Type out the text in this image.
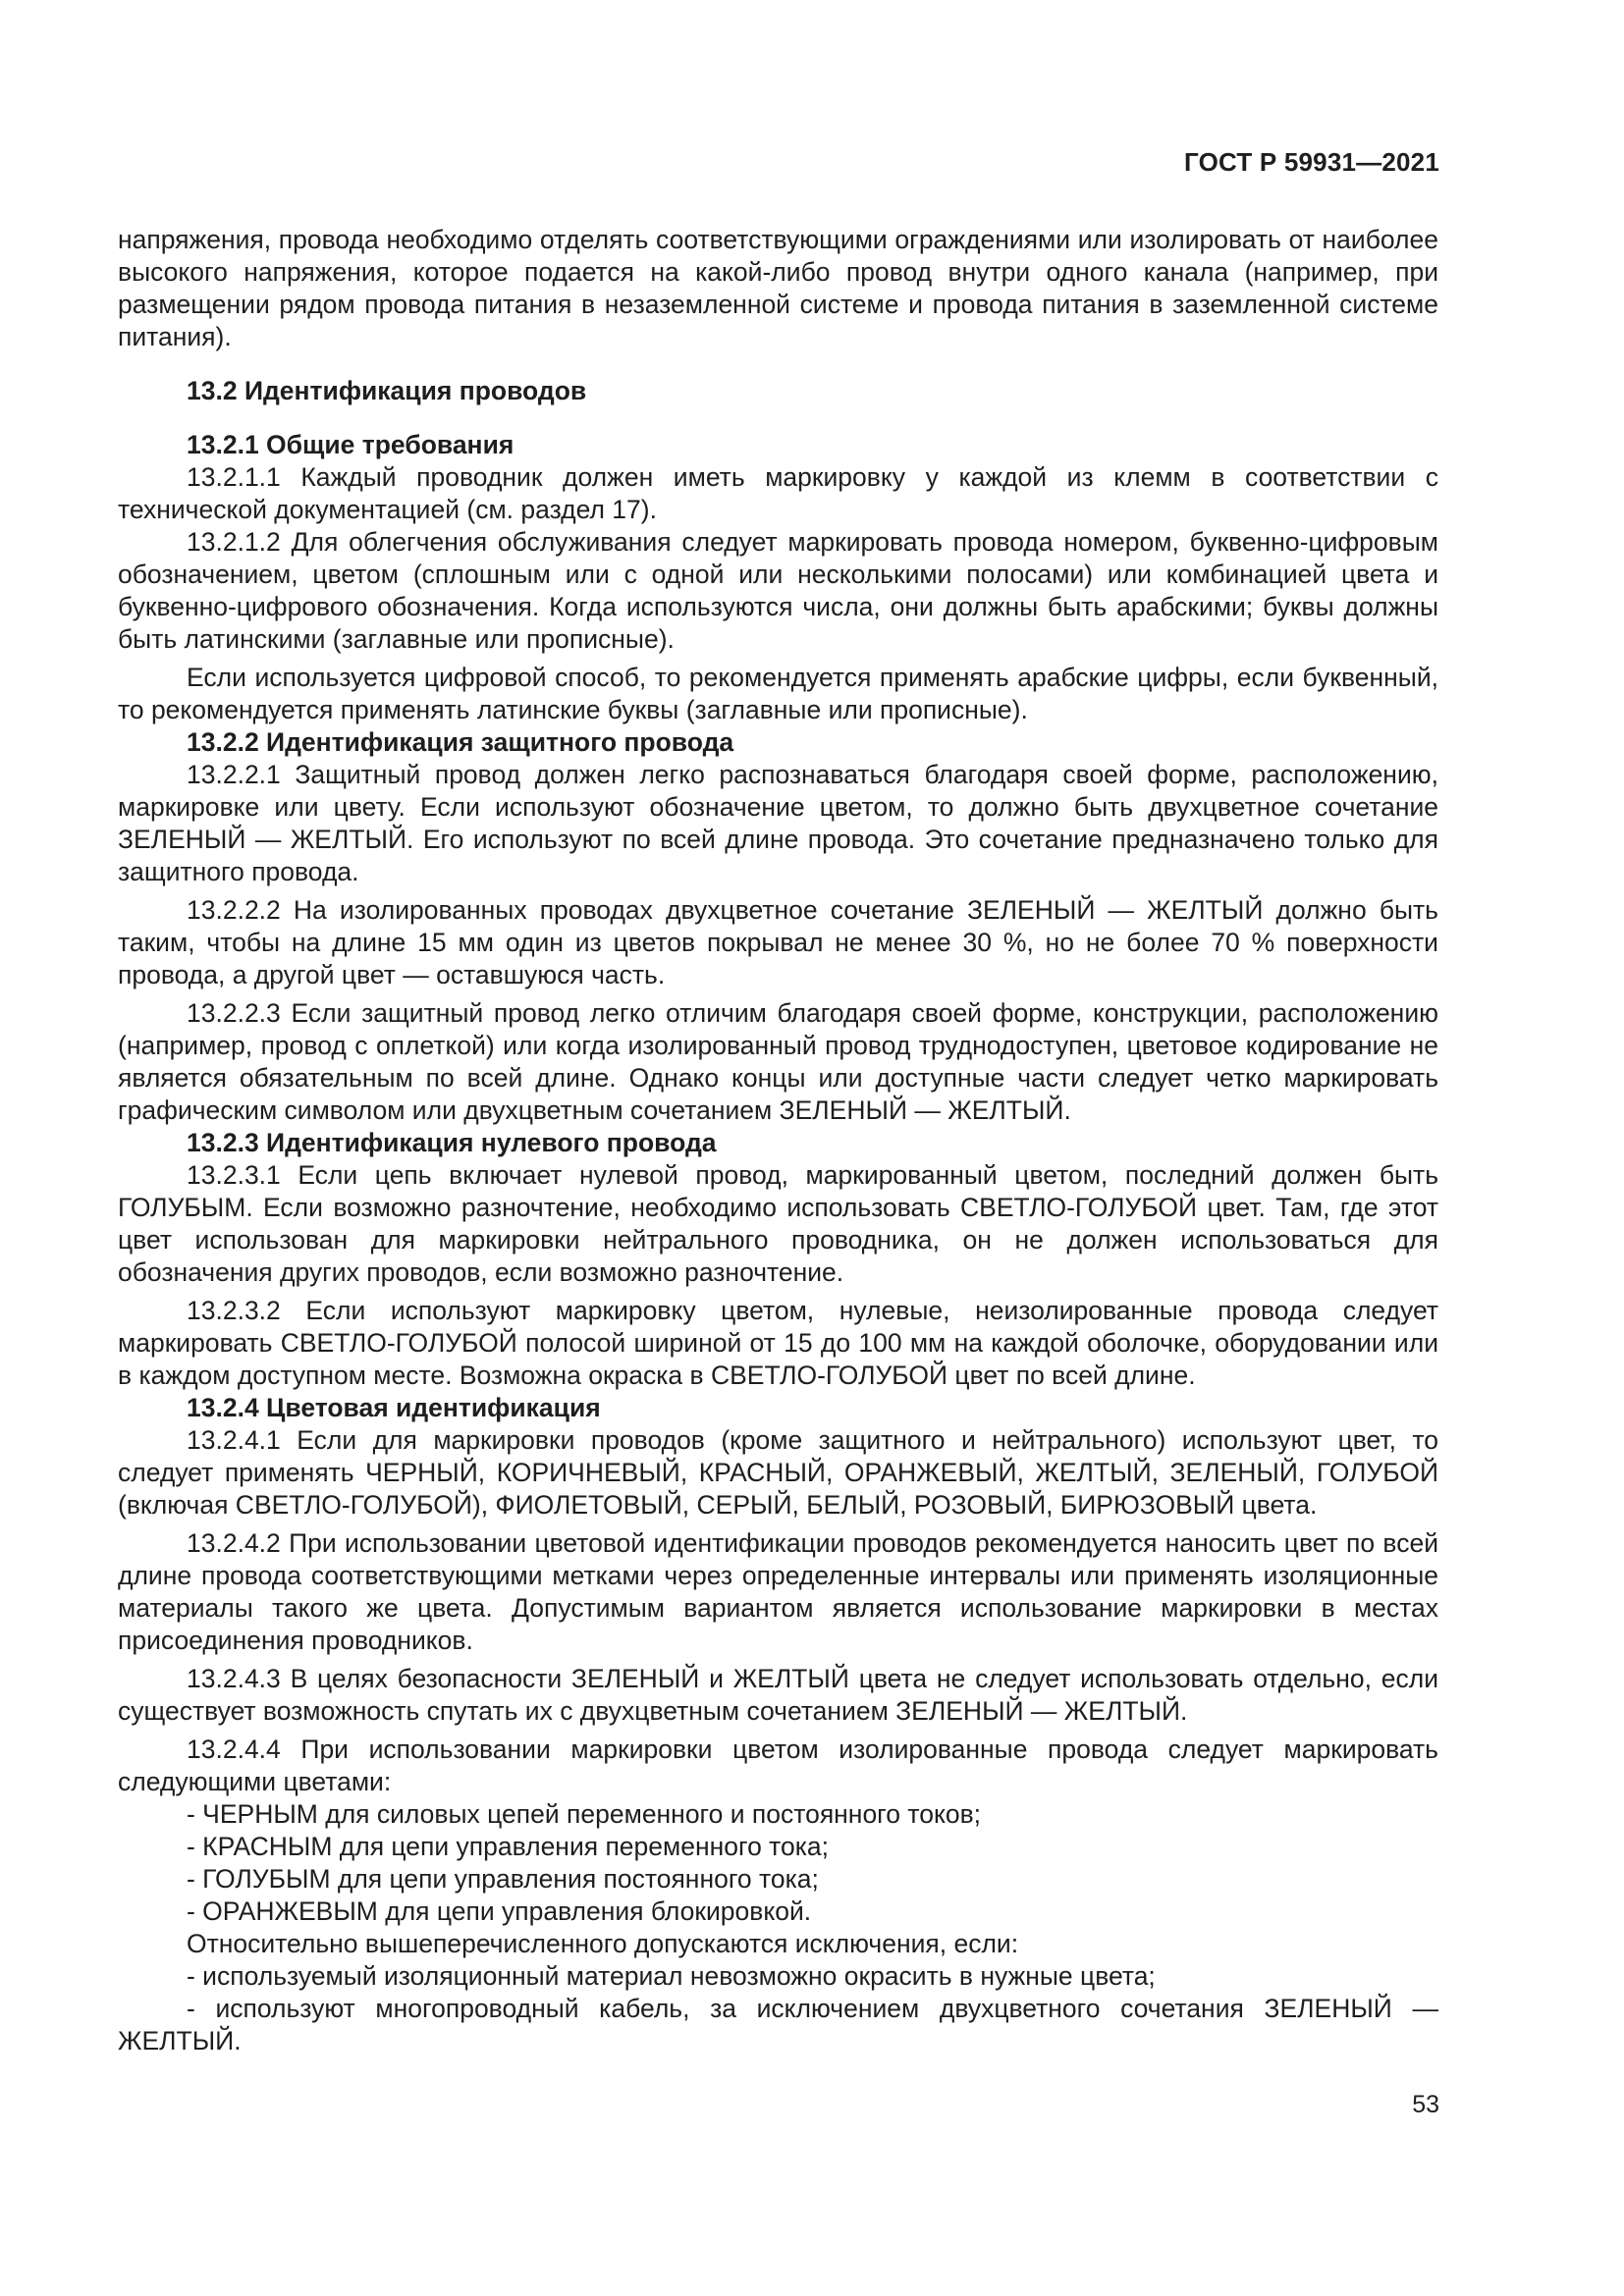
ГОСТ Р 59931—2021

напряжения, провода необходимо отделять соответствующими ограждениями или изолировать от наиболее высокого напряжения, которое подается на какой-либо провод внутри одного канала (например, при размещении рядом провода питания в незаземленной системе и провода питания в заземленной системе питания).

13.2 Идентификация проводов

13.2.1 Общие требования

13.2.1.1 Каждый проводник должен иметь маркировку у каждой из клемм в соответствии с технической документацией (см. раздел 17).

13.2.1.2 Для облегчения обслуживания следует маркировать провода номером, буквенно-цифровым обозначением, цветом (сплошным или с одной или несколькими полосами) или комбинацией цвета и буквенно-цифрового обозначения. Когда используются числа, они должны быть арабскими; буквы должны быть латинскими (заглавные или прописные).

Если используется цифровой способ, то рекомендуется применять арабские цифры, если буквенный, то рекомендуется применять латинские буквы (заглавные или прописные).

13.2.2 Идентификация защитного провода

13.2.2.1 Защитный провод должен легко распознаваться благодаря своей форме, расположению, маркировке или цвету. Если используют обозначение цветом, то должно быть двухцветное сочетание ЗЕЛЕНЫЙ — ЖЕЛТЫЙ. Его используют по всей длине провода. Это сочетание предназначено только для защитного провода.

13.2.2.2 На изолированных проводах двухцветное сочетание ЗЕЛЕНЫЙ — ЖЕЛТЫЙ должно быть таким, чтобы на длине 15 мм один из цветов покрывал не менее 30 %, но не более 70 % поверхности провода, а другой цвет — оставшуюся часть.

13.2.2.3 Если защитный провод легко отличим благодаря своей форме, конструкции, расположению (например, провод с оплеткой) или когда изолированный провод труднодоступен, цветовое кодирование не является обязательным по всей длине. Однако концы или доступные части следует четко маркировать графическим символом или двухцветным сочетанием ЗЕЛЕНЫЙ — ЖЕЛТЫЙ.

13.2.3 Идентификация нулевого провода

13.2.3.1 Если цепь включает нулевой провод, маркированный цветом, последний должен быть ГОЛУБЫМ. Если возможно разночтение, необходимо использовать СВЕТЛО-ГОЛУБОЙ цвет. Там, где этот цвет использован для маркировки нейтрального проводника, он не должен использоваться для обозначения других проводов, если возможно разночтение.

13.2.3.2 Если используют маркировку цветом, нулевые, неизолированные провода следует маркировать СВЕТЛО-ГОЛУБОЙ полосой шириной от 15 до 100 мм на каждой оболочке, оборудовании или в каждом доступном месте. Возможна окраска в СВЕТЛО-ГОЛУБОЙ цвет по всей длине.

13.2.4 Цветовая идентификация

13.2.4.1 Если для маркировки проводов (кроме защитного и нейтрального) используют цвет, то следует применять ЧЕРНЫЙ, КОРИЧНЕВЫЙ, КРАСНЫЙ, ОРАНЖЕВЫЙ, ЖЕЛТЫЙ, ЗЕЛЕНЫЙ, ГОЛУБОЙ (включая СВЕТЛО-ГОЛУБОЙ), ФИОЛЕТОВЫЙ, СЕРЫЙ, БЕЛЫЙ, РОЗОВЫЙ, БИРЮЗОВЫЙ цвета.

13.2.4.2 При использовании цветовой идентификации проводов рекомендуется наносить цвет по всей длине провода соответствующими метками через определенные интервалы или применять изоляционные материалы такого же цвета. Допустимым вариантом является использование маркировки в местах присоединения проводников.

13.2.4.3 В целях безопасности ЗЕЛЕНЫЙ и ЖЕЛТЫЙ цвета не следует использовать отдельно, если существует возможность спутать их с двухцветным сочетанием ЗЕЛЕНЫЙ — ЖЕЛТЫЙ.

13.2.4.4 При использовании маркировки цветом изолированные провода следует маркировать следующими цветами:

- ЧЕРНЫМ для силовых цепей переменного и постоянного токов;

- КРАСНЫМ для цепи управления переменного тока;

- ГОЛУБЫМ для цепи управления постоянного тока;

- ОРАНЖЕВЫМ для цепи управления блокировкой.

Относительно вышеперечисленного допускаются исключения, если:

- используемый изоляционный материал невозможно окрасить в нужные цвета;

- используют многопроводный кабель, за исключением двухцветного сочетания ЗЕЛЕНЫЙ — ЖЕЛТЫЙ.

53
